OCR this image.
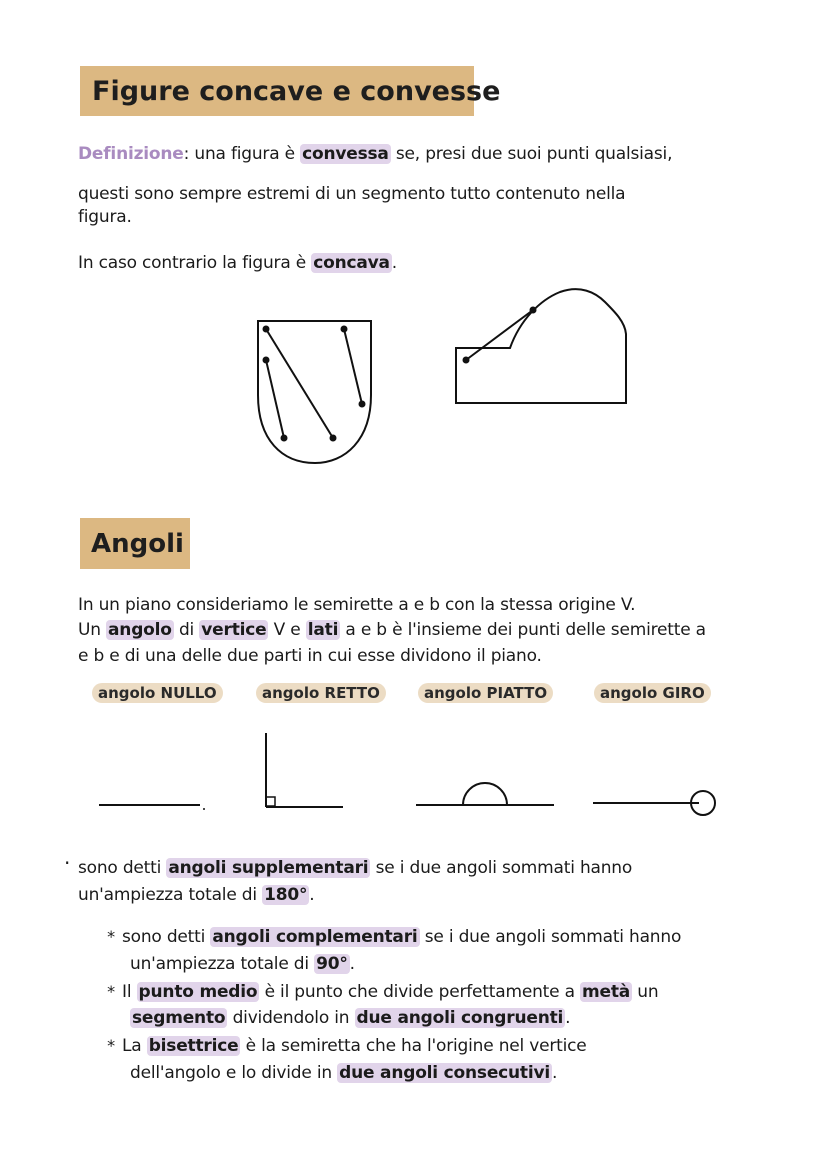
Figure concave e convesse
Definizione: una figura è convessa se, presi due suoi punti qualsiasi,
questi sono sempre estremi di un segmento tutto contenuto nella
figura.
In caso contrario la figura è concava .
Angoli
In un piano consideriamo le semirette a e b con la stessa origine V.
Un angolo di vertice V e lati a e b è l'insieme dei punti delle semirette a
e b e di una delle due parti in cui esse dividono il piano.
angolo NULLO	angolo RETTO	angolo PIATTO	angolo GIRO
· sono detti angoli supplementari se i due angoli sommati hanno
un'ampiezza totale di 180° .
* sono detti angoli complementari se i due angoli sommati hanno
un'ampiezza totale di 90° .
* Il punto medio è il punto che divide perfettamente a metà un
segmento dividendolo in due angoli congruenti .
* La bisettrice è la semiretta che ha l'origine nel vertice
dell'angolo e lo divide in due angoli consecutivi .
